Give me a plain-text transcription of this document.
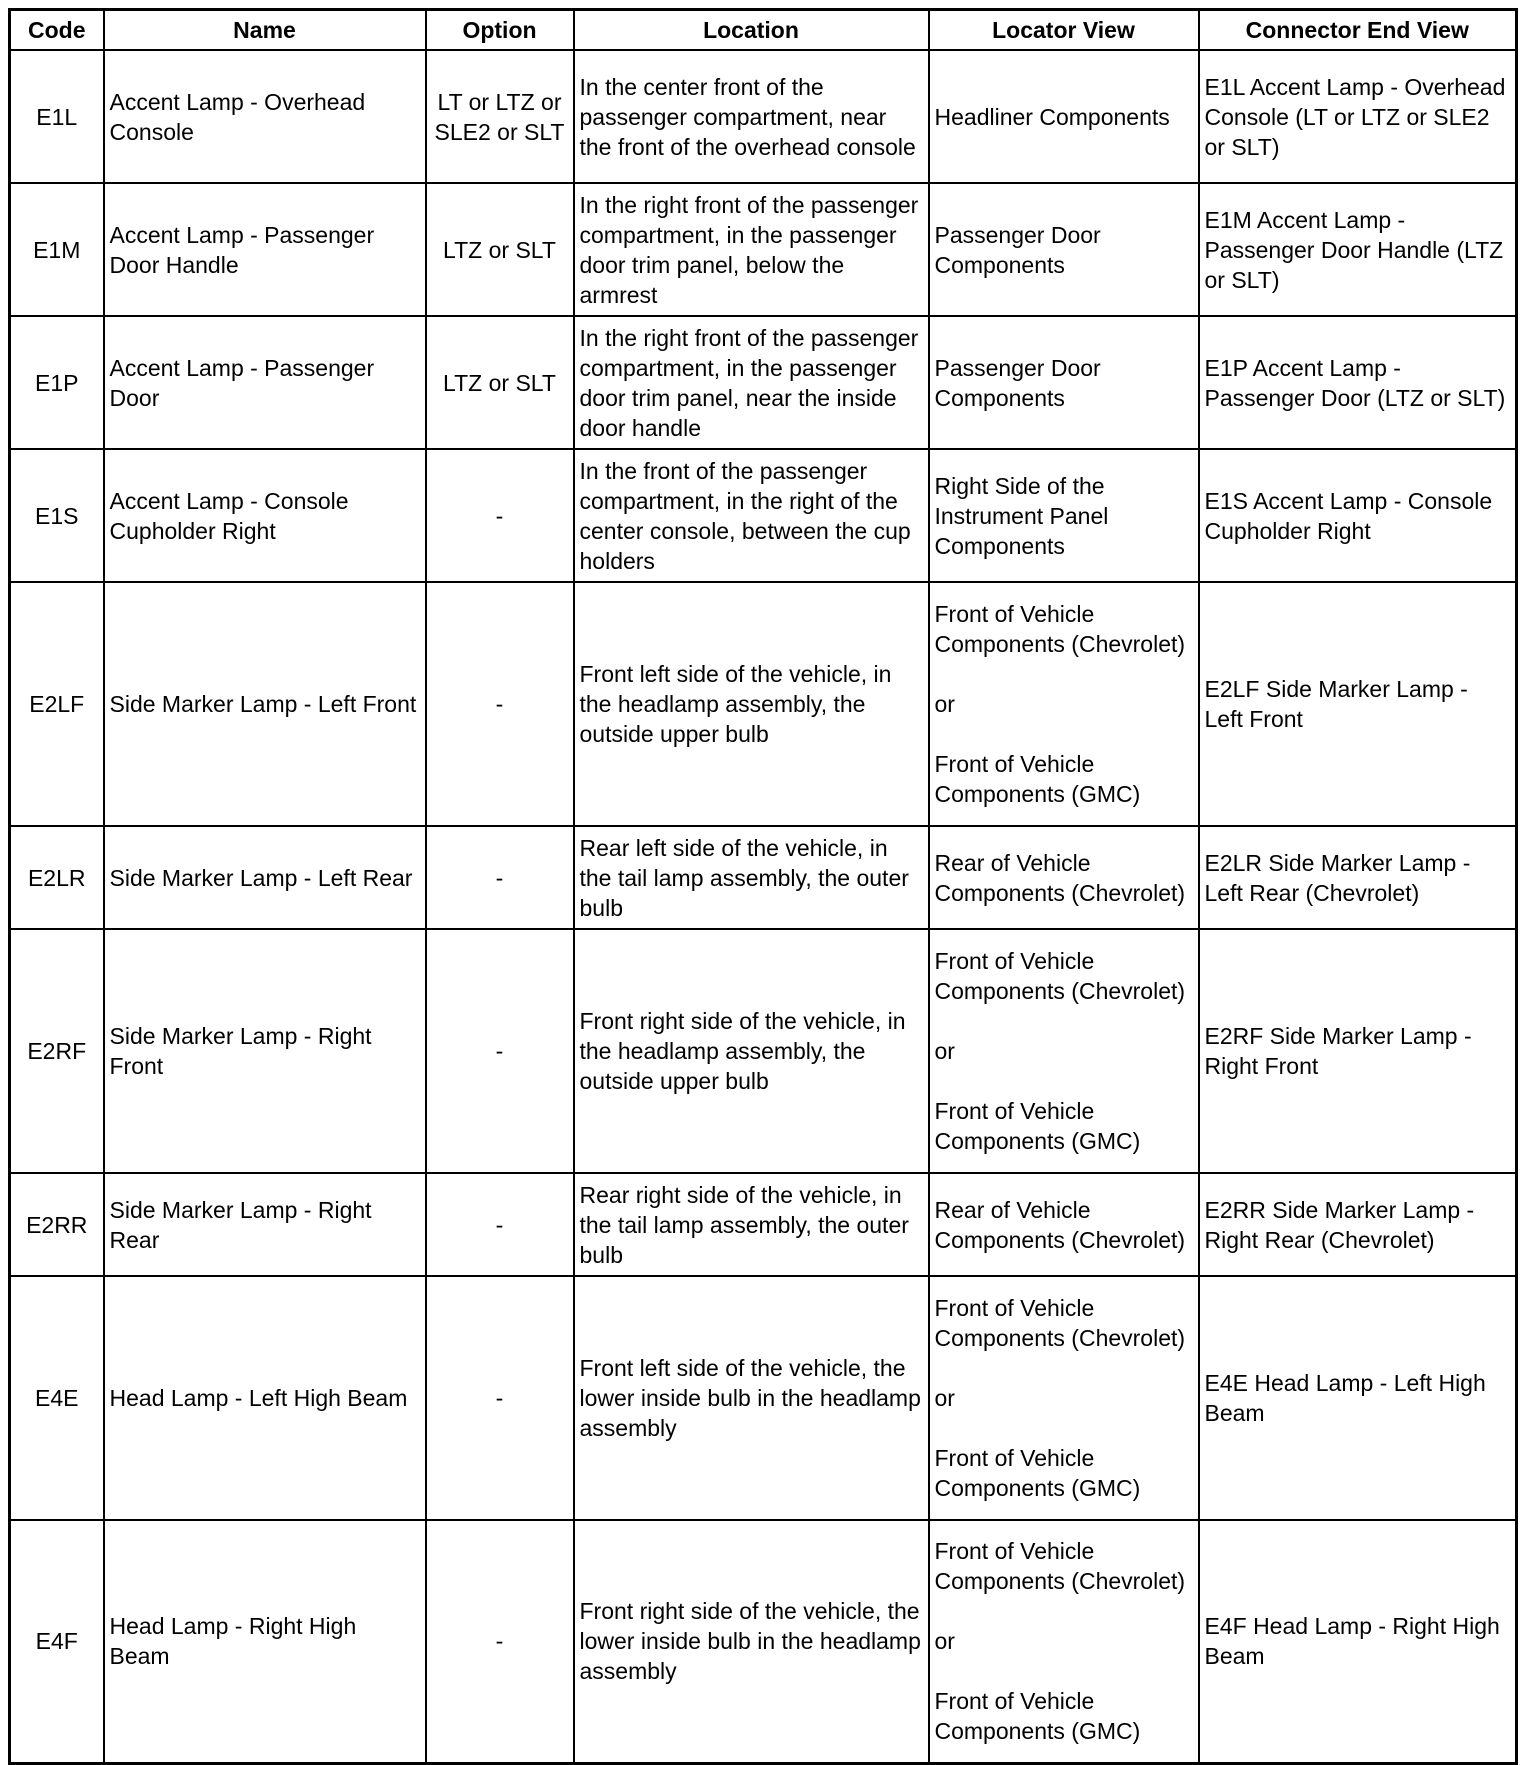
Code	Name	Option	Location	Locator View	Connector End View
E1L	Accent Lamp - Overhead Console	LT or LTZ or SLE2 or SLT	In the center front of the passenger compartment, near the front of the overhead console	Headliner Components	E1L Accent Lamp - Overhead Console (LT or LTZ or SLE2 or SLT)
E1M	Accent Lamp - Passenger Door Handle	LTZ or SLT	In the right front of the passenger compartment, in the passenger door trim panel, below the armrest	Passenger Door Components	E1M Accent Lamp - Passenger Door Handle (LTZ or SLT)
E1P	Accent Lamp - Passenger Door	LTZ or SLT	In the right front of the passenger compartment, in the passenger door trim panel, near the inside door handle	Passenger Door Components	E1P Accent Lamp - Passenger Door (LTZ or SLT)
E1S	Accent Lamp - Console Cupholder Right	-	In the front of the passenger compartment, in the right of the center console, between the cup holders	Right Side of the Instrument Panel Components	E1S Accent Lamp - Console Cupholder Right
E2LF	Side Marker Lamp - Left Front	-	Front left side of the vehicle, in the headlamp assembly, the outside upper bulb	Front of Vehicle Components (Chevrolet)

or

Front of Vehicle Components (GMC)	E2LF Side Marker Lamp - Left Front
E2LR	Side Marker Lamp - Left Rear	-	Rear left side of the vehicle, in the tail lamp assembly, the outer bulb	Rear of Vehicle Components (Chevrolet)	E2LR Side Marker Lamp - Left Rear (Chevrolet)
E2RF	Side Marker Lamp - Right Front	-	Front right side of the vehicle, in the headlamp assembly, the outside upper bulb	Front of Vehicle Components (Chevrolet)

or

Front of Vehicle Components (GMC)	E2RF Side Marker Lamp - Right Front
E2RR	Side Marker Lamp - Right Rear	-	Rear right side of the vehicle, in the tail lamp assembly, the outer bulb	Rear of Vehicle Components (Chevrolet)	E2RR Side Marker Lamp - Right Rear (Chevrolet)
E4E	Head Lamp - Left High Beam	-	Front left side of the vehicle, the lower inside bulb in the headlamp assembly	Front of Vehicle Components (Chevrolet)

or

Front of Vehicle Components (GMC)	E4E Head Lamp - Left High Beam
E4F	Head Lamp - Right High Beam	-	Front right side of the vehicle, the lower inside bulb in the headlamp assembly	Front of Vehicle Components (Chevrolet)

or

Front of Vehicle Components (GMC)	E4F Head Lamp - Right High Beam
